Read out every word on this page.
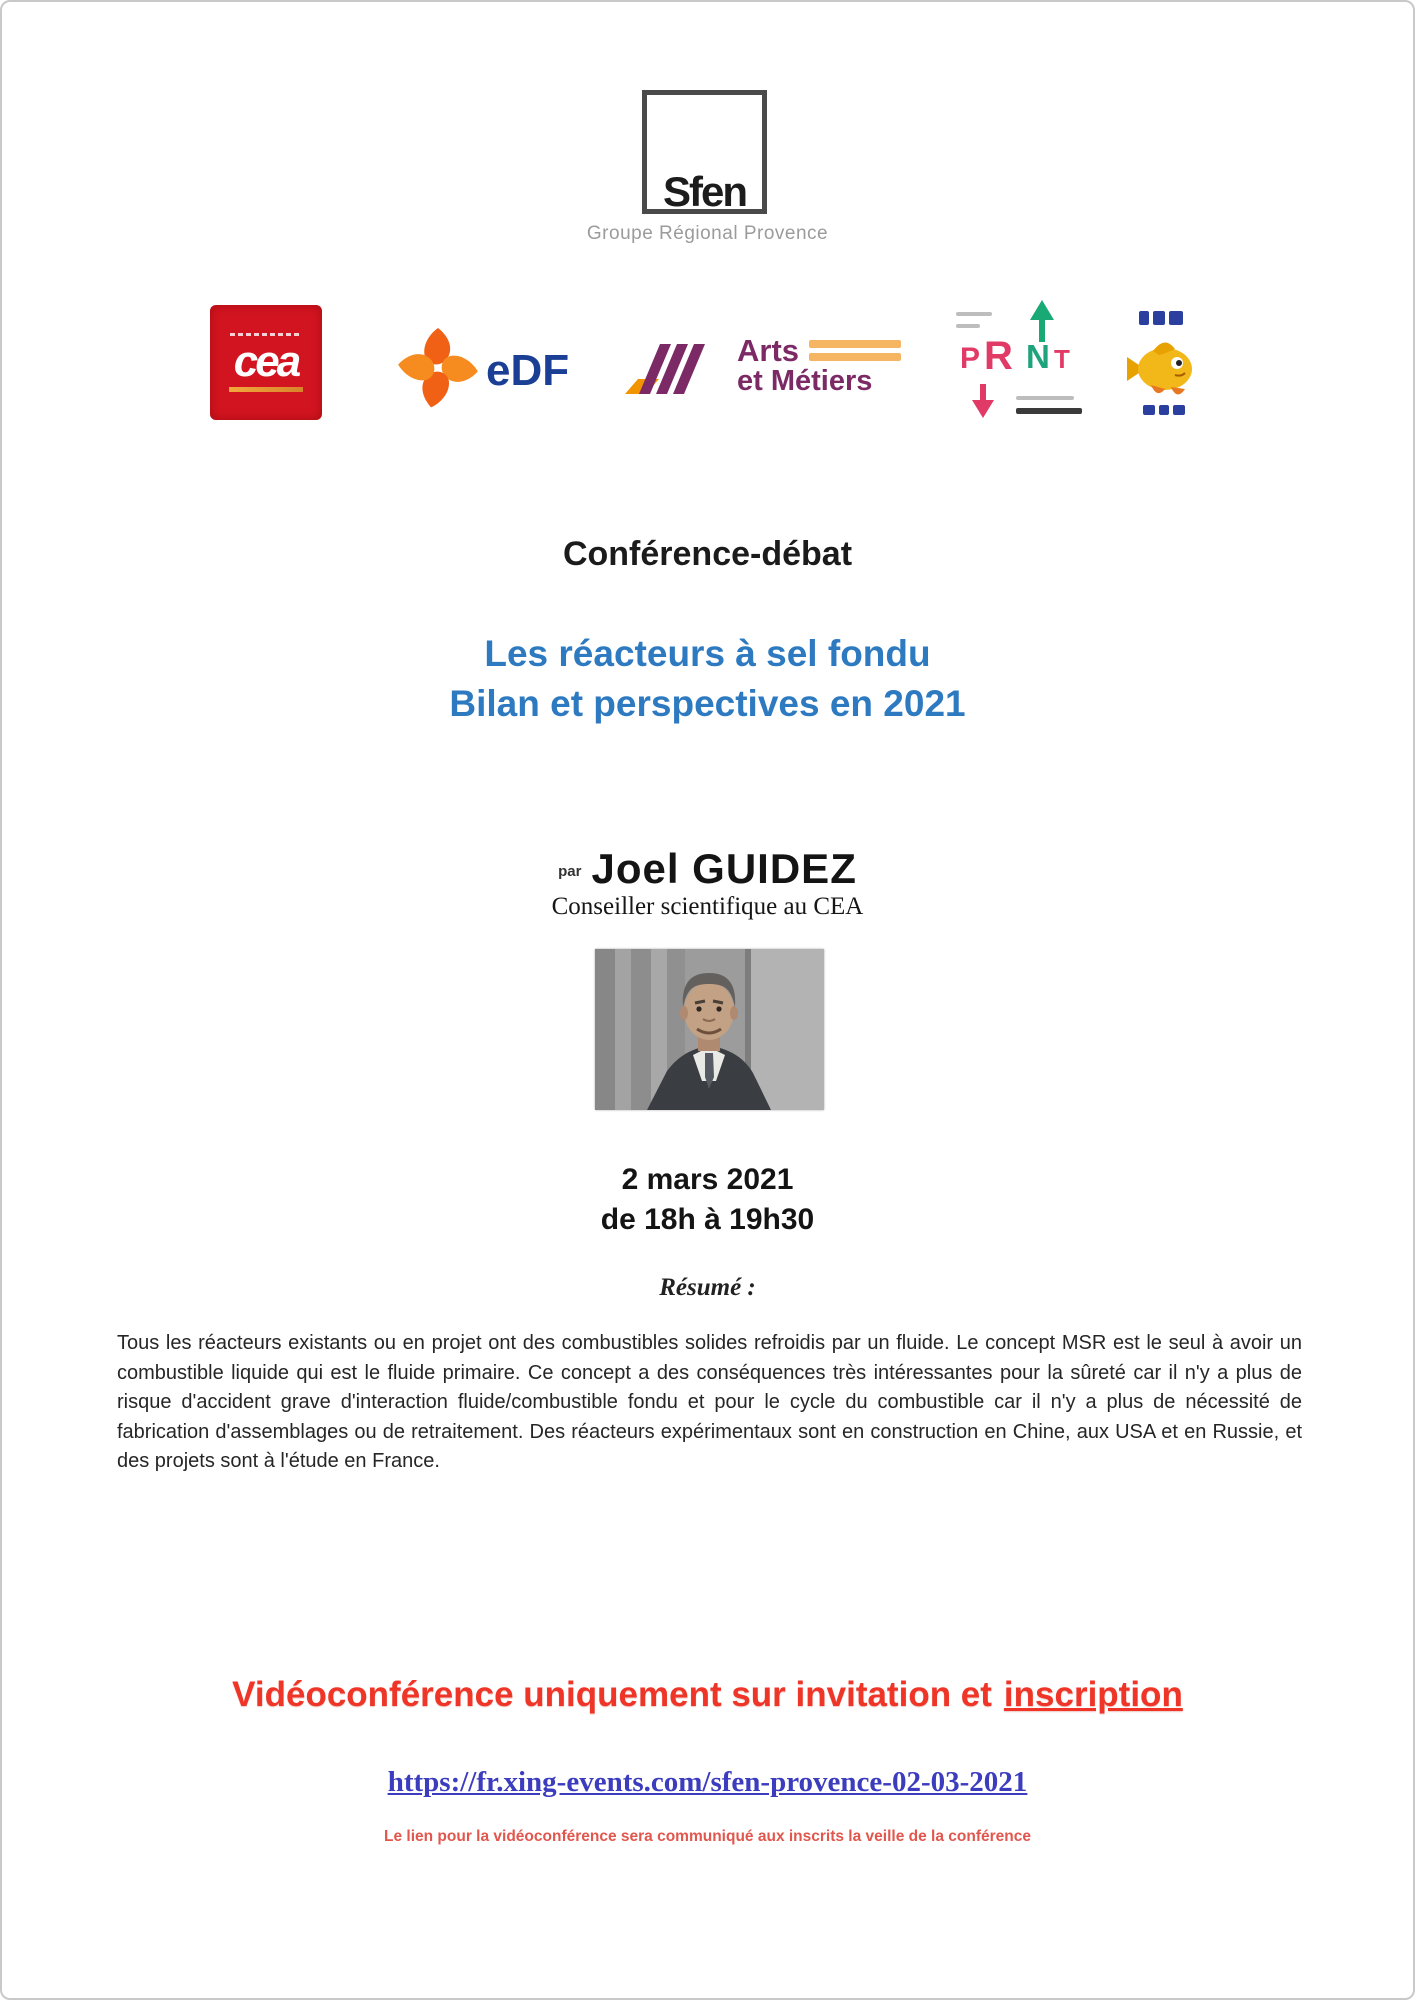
Sfen
Groupe Régional Provence
cea	eDF	Arts
et Métiers
P R N T
Conférence-débat
Les réacteurs à sel fondu
Bilan et perspectives en 2021
par Joel GUIDEZ
Conseiller scientifique au CEA
2 mars 2021
de 18h à 19h30
Résumé :
Tous les réacteurs existants ou en projet ont des combustibles solides refroidis par un fluide. Le concept MSR est le seul à avoir un combustible liquide qui est le fluide primaire. Ce concept a des conséquences très intéressantes pour la sûreté car il n'y a plus de risque d'accident grave d'interaction fluide/combustible fondu et pour le cycle du combustible car il n'y a plus de nécessité de fabrication d'assemblages ou de retraitement. Des réacteurs expérimentaux sont en construction en Chine, aux USA et en Russie, et des projets sont à l'étude en France.
Vidéoconférence uniquement sur invitation et inscription
https://fr.xing-events.com/sfen-provence-02-03-2021
Le lien pour la vidéoconférence sera communiqué aux inscrits la veille de la conférence
